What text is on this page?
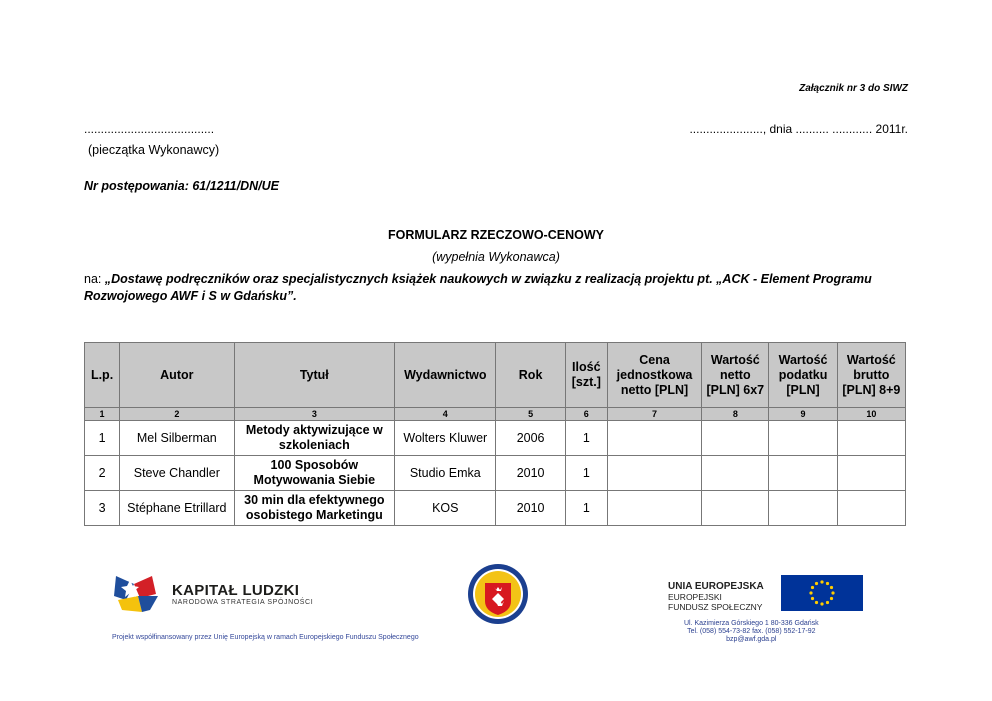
Załącznik nr 3 do SIWZ
.......................................	......................, dnia .......... ............ 2011r.
(pieczątka Wykonawcy)
Nr postępowania: 61/1211/DN/UE
FORMULARZ RZECZOWO-CENOWY
(wypełnia Wykonawca)
na: „Dostawę podręczników oraz specjalistycznych książek naukowych w związku z realizacją projektu pt. „ACK - Element Programu Rozwojowego AWF i S w Gdańsku”.
L.p.	Autor	Tytuł	Wydawnictwo	Rok	Ilość [szt.]	Cena jednostkowa netto [PLN]	Wartość netto [PLN] 6x7	Wartość podatku [PLN]	Wartość brutto [PLN] 8+9
1	2	3	4	5	6	7	8	9	10
1	Mel Silberman	Metody aktywizujące w szkoleniach	Wolters Kluwer	2006	1				
2	Steve Chandler	100 Sposobów Motywowania Siebie	Studio Emka	2010	1				
3	Stéphane Etrillard	30 min dla efektywnego osobistego Marketingu	KOS	2010	1				
KAPITAŁ LUDZKI
NARODOWA STRATEGIA SPÓJNOŚCI
UNIA EUROPEJSKA
EUROPEJSKI
FUNDUSZ SPOŁECZNY
Projekt współfinansowany przez Unię Europejską w ramach Europejskiego Funduszu Społecznego
Ul. Kazimierza Górskiego 1 80-336 Gdańsk
Tel. (058) 554-73-82 fax. (058) 552-17-92
bzp@awf.gda.pl
